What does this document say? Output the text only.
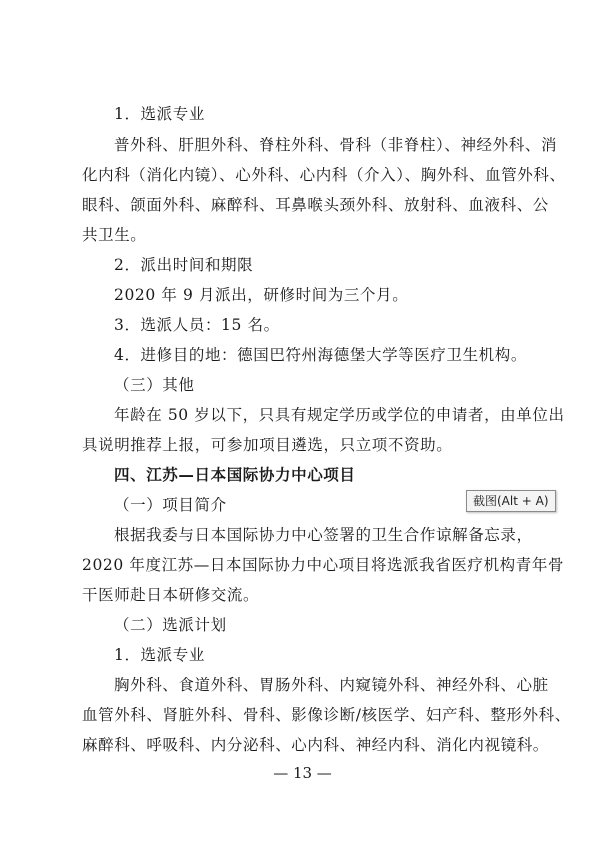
1．选派专业
普外科、肝胆外科、脊柱外科、骨科（非脊柱）、神经外科、消
化内科（消化内镜）、心外科、心内科（介入）、胸外科、血管外科、
眼科、颌面外科、麻醉科、耳鼻喉头颈外科、放射科、血液科、公
共卫生。
2．派出时间和期限
2020 年 9 月派出，研修时间为三个月。
3．选派人员：15 名。
4．进修目的地：德国巴符州海德堡大学等医疗卫生机构。
（三）其他
年龄在 50 岁以下，只具有规定学历或学位的申请者，由单位出
具说明推荐上报，可参加项目遴选，只立项不资助。
四、江苏—日本国际协力中心项目
（一）项目简介
根据我委与日本国际协力中心签署的卫生合作谅解备忘录，
2020 年度江苏—日本国际协力中心项目将选派我省医疗机构青年骨
干医师赴日本研修交流。
（二）选派计划
1．选派专业
胸外科、食道外科、胃肠外科、内窥镜外科、神经外科、心脏
血管外科、肾脏外科、骨科、影像诊断/核医学、妇产科、整形外科、
麻醉科、呼吸科、内分泌科、心内科、神经内科、消化内视镜科。
— 13 —
截图(Alt + A)
